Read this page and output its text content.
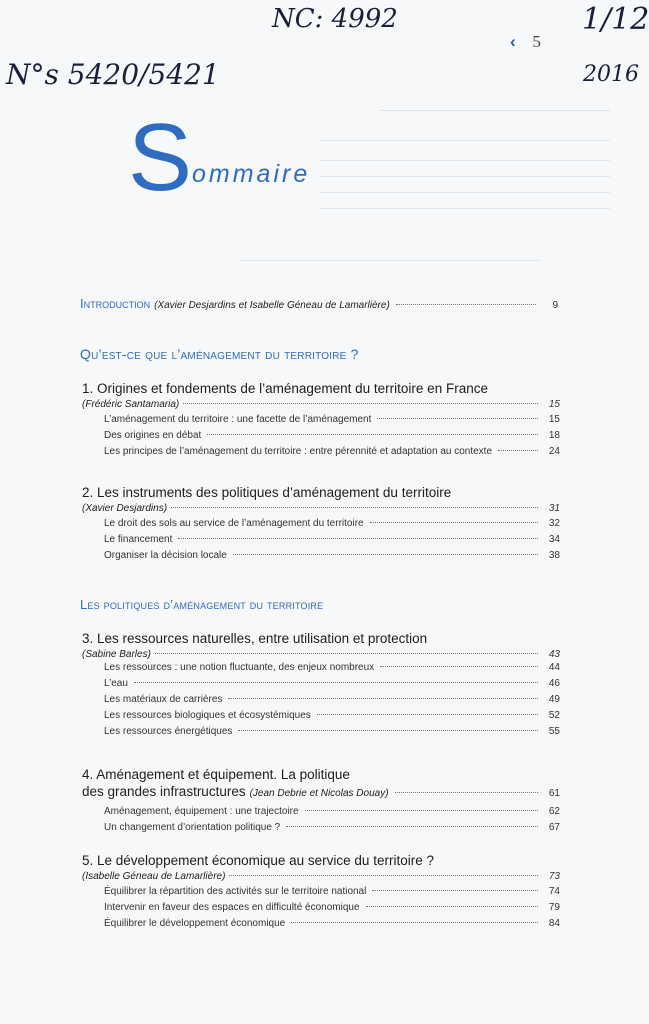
NC: 4992
N°s 5420/5421
1/12
2016
‹ 5
S ommaire
Introduction (Xavier Desjardins et Isabelle Géneau de Lamarlière)	9
Qu’est-ce que l’aménagement du territoire ?
1. Origines et fondements de l’aménagement du territoire en France
(Frédéric Santamaria)	15
L’aménagement du territoire : une facette de l’aménagement	15
Des origines en débat	18
Les principes de l’aménagement du territoire : entre pérennité et adaptation au contexte	24
2. Les instruments des politiques d’aménagement du territoire
(Xavier Desjardins)	31
Le droit des sols au service de l’aménagement du territoire	32
Le financement	34
Organiser la décision locale	38
Les politiques d’aménagement du territoire
3. Les ressources naturelles, entre utilisation et protection
(Sabine Barles)	43
Les ressources : une notion fluctuante, des enjeux nombreux	44
L’eau	46
Les matériaux de carrières	49
Les ressources biologiques et écosystémiques	52
Les ressources énergétiques	55
4. Aménagement et équipement. La politique
des grandes infrastructures (Jean Debrie et Nicolas Douay)	61
Aménagement, équipement : une trajectoire	62
Un changement d’orientation politique ?	67
5. Le développement économique au service du territoire ?
(Isabelle Géneau de Lamarlière)	73
Équilibrer la répartition des activités sur le territoire national	74
Intervenir en faveur des espaces en difficulté économique	79
Équilibrer le développement économique	84
